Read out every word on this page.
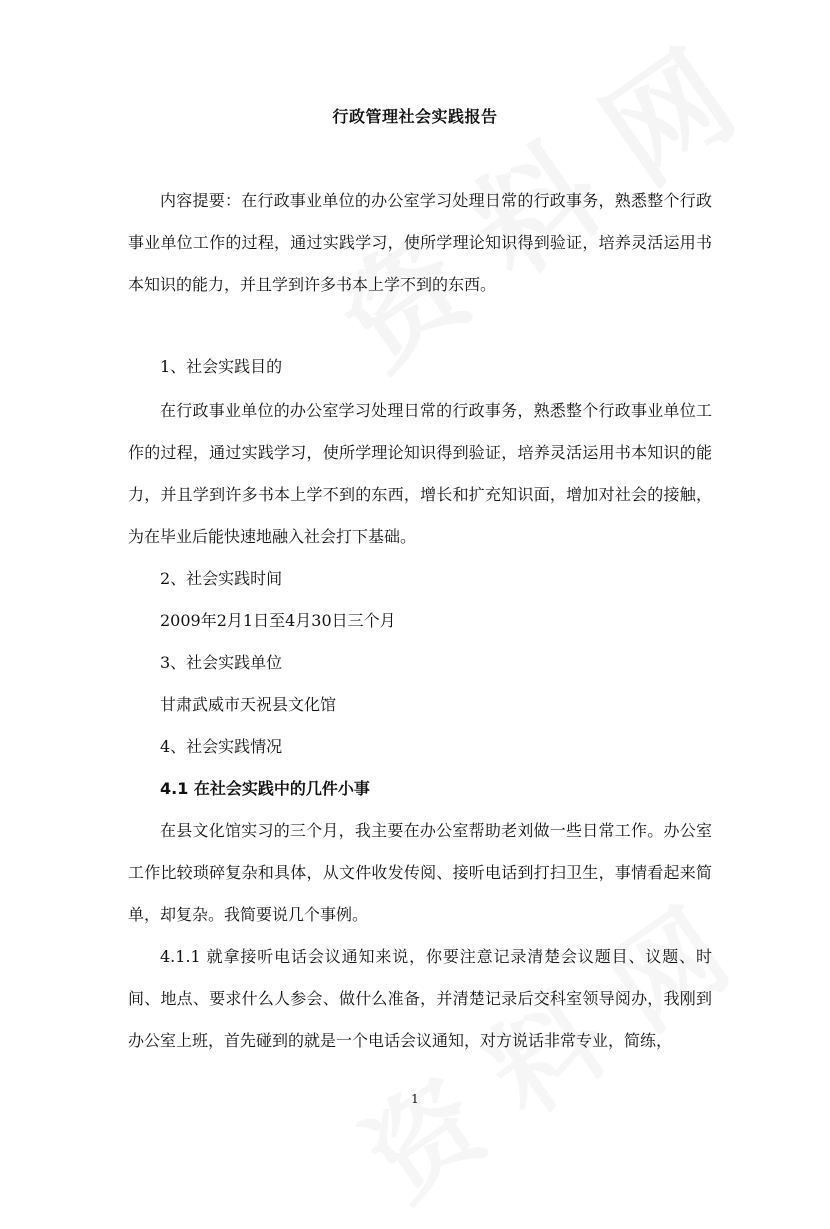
行政管理社会实践报告
内容提要：在行政事业单位的办公室学习处理日常的行政事务，熟悉整个行政事业单位工作的过程，通过实践学习，使所学理论知识得到验证，培养灵活运用书本知识的能力，并且学到许多书本上学不到的东西。
1、社会实践目的
在行政事业单位的办公室学习处理日常的行政事务，熟悉整个行政事业单位工作的过程，通过实践学习，使所学理论知识得到验证，培养灵活运用书本知识的能力，并且学到许多书本上学不到的东西，增长和扩充知识面，增加对社会的接触，为在毕业后能快速地融入社会打下基础。
2、社会实践时间
2009年2月1日至4月30日三个月
3、社会实践单位
甘肃武威市天祝县文化馆
4、社会实践情况
4.1 在社会实践中的几件小事
在县文化馆实习的三个月，我主要在办公室帮助老刘做一些日常工作。办公室工作比较琐碎复杂和具体，从文件收发传阅、接听电话到打扫卫生，事情看起来简单，却复杂。我简要说几个事例。
4.1.1 就拿接听电话会议通知来说，你要注意记录清楚会议题目、议题、时间、地点、要求什么人参会、做什么准备，并清楚记录后交科室领导阅办，我刚到办公室上班，首先碰到的就是一个电话会议通知，对方说话非常专业，简练，
1
